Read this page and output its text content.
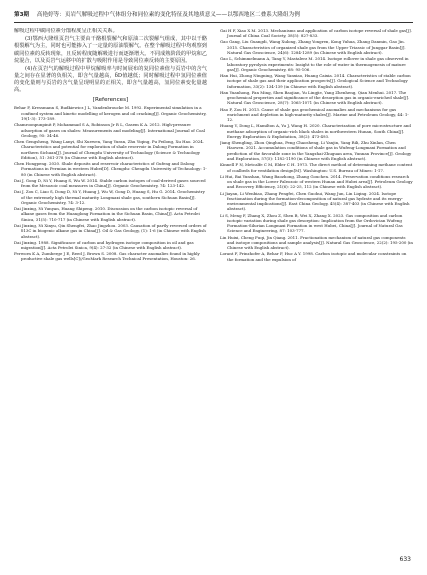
第3期 高艳婷等：页岩气解吸过程中气体组分和同位素的变化特征及其地质意义——以鄂西地区二叠系大隆组为例

解吸过程中碳同位素分馏程度呈正相关关系。

(3)鄂西大隆组页岩气主要由干酪根裂解气和原油二次裂解气组成，其中以干酪根裂解气为主，同时也可能掺入了一定量的原油裂解气。在整个解吸过程中均观察到碳同位素的反转现象，且反转程度随解吸进行而逐渐增大。不同成熟阶段的甲烷和乙烷混合，以及页岩气运移中的扩散与吸附作用是导致同位素反转的主要原因。

(4)在页岩气的解吸过程中甲烷解吸率与时间展布的复同位素值与页岩中的含气量之间存在显著的负相关，即含气量越高，δD值越低；同时解吸过程中氢同位素值的变化量则与页岩的含气量呈现明显的正相关，即含气量越高，氢同位素变化量越高。

[References]

Behar F, Kressmann S, Rudkiewicz J L, Vandenbroucke M. 1992. Experimental simulation in a confined system and kinetic modelling of kerogen and oil cracking[J]. Organic Geochemistry, 19(1-3): 173-189.

Chamroonpunpinit P, Mohammad S A, Robinson Jr R L, Gasem K A. 2012. High-pressure adsorption of gases on shales: Measurements and modeling[J]. International Journal of Coal Geology, 95: 34-46.

Chen Gengsheng, Wang Lanyi, Shi Xuewen, Yang Yuran, Zhu Yiqing, Pu Feilong, Xu Hao. 2024. Characteristics and potential for exploration of shale reservoir in Dalong Formation in northern Sichuan[J]. Journal of Chengdu University of Technology (Science & Technology Edition), 51: 361-378 (in Chinese with English abstract).

Chen Hongpeng. 2020. Shale deposits and reservoir characteristics of Gufeng and Dalong Formations in Permian in western Hubei[D]. Chengdu: Chengdu University of Technology: 1-80 (in Chinese with English abstract).

Dai J, Gong D, Ni Y, Huang S, Wu W. 2014. Stable carbon isotopes of coal-derived gases sourced from the Mesozoic coal measures in China[J]. Organic Geochemistry, 74: 123-142.

Dai J, Zou C, Liao S, Dong D, Ni Y, Huang J, Wu W, Gong D, Huang S, Hu G. 2014. Geochemistry of the extremely high thermal maturity Longmaxi shale gas, southern Sichuan Basin[J]. Organic Geochemistry, 74: 3-12.

Dai Jinxing, Ni Yunyan, Huang Shipeng. 2010. Discussion on the carbon isotopic reversal of alkane gases from the Huanglong Formation in the Sichuan Basin, China[J]. Acta Petrolei Sinica, 31(5): 710-717 (in Chinese with English abstract).

Dai Jinxing, Ni Xinyu, Qin Shengfei, Zhao Jingzhou. 2003. Causation of partly reversed orders of δ13C in biogenic alkane gas in China[J]. Oil & Gas Geology, (1): 1-6 (in Chinese with English abstract).

Dai Jinxing. 1988. Significance of carbon and hydrogen isotope composition in oil and gas migration[J]. Acta Petrolei Sinica, 9(4): 27-32 (in Chinese with English abstract).

Ferworn K A, Zumberge J E, Reed J, Brown S. 2008. Gas character anomalies found in highly productive shale gas wells[C]//GeoMark Research Technical Presentation, Houston: 26.

Gai H F, Xiao X M. 2013. Mechanisms and application of carbon isotope reversal of shale gas[J]. Journal of China Coal Society, 38(5): 827-833.

Gao Gang, Liu Guangdi, Wang Xulong, Zhang Yongren, Kong Yuhua, Zhang Danmin, Gao Jin. 2015. Characteristics of organized shale gas from the Upper Triassic of Junggar Basin[J]. Natural Gas Geoscience, 24(6): 1284-1289 (in Chinese with English abstract).

Gao L, Schimmelmann A, Tang Y, Mastalerz M. 2014. Isotope rollover in shale gas observed in laboratory pyrolysis experiments: Insight to the role of water in thermogenesis of mature gas[J]. Organic Geochemistry, 68: 95-106.

Han Hui, Zhong Ningning, Wang Yanxiao, Huang Caixia. 2014. Characteristics of stable carbon isotope of shale gas and their application prospects[J]. Geological Science and Technology Information, 33(2): 134-139 (in Chinese with English abstract).

Han Yuanhong, Fan Ming, Shen Baojian, Yu Lingjie, Yang Zhenheng, Qian Menhui. 2017. The geochemical properties and significance of the desorption gas in organic-enriched shale[J]. Natural Gas Geoscience, 28(7): 1065-1071 (in Chinese with English abstract).

Hao F, Zou H. 2013. Cause of shale gas geochemical anomalies and mechanisms for gas enrichment and depletion in high-maturity shales[J]. Marine and Petroleum Geology, 44: 1-12.

Huang Y, Dong L, Hamilton A, Yu J, Wang H. 2020. Characterization of pore microstructure and methane adsorption of organic-rich black shales in northwestern Hunan, South China[J]. Energy Exploration & Exploitation, 38(2): 473-493.

Jiang Shengling, Zhou Qinghua, Peng Chaosheng, Li Yanjin, Yang Rili, Zhu Xinlan, Chen Haowen. 2021. Accumulation conditions of shale gas in Wufeng-Longmaxi Formation and prediction of the favorable zone in the Yangzhai-Zhuguan area, Yunnan Province[J]. Geology and Exploration, 57(5): 1182-1190 (in Chinese with English abstract).

Kinnell F N, Metcalfe C M, Elder C H. 1973. The direct method of determining methane content of coalbeds for ventilation design[M]. Washington: U.S. Bureau of Mines: 1-17.

Li Hui, Bai Yunshan, Wang Baozhong, Zhang Gouchen. 2014. Preservation conditions research on shale gas in the Lower Paleozoic of western Hunan and Hubei area[J]. Petroleum Geology and Recovery Efficiency, 21(6): 22-25, 112 (in Chinese with English abstract).

Li Jiayan, Li Wenbiao, Zhang Pengfei, Chen Guohui, Wang Jun, Lin Liqing. 2024. Isotope fractionation during the formation-decomposition of natural gas hydrate and its energy-environmental implications[J]. East China Geology, 45(4): 387-403 (in Chinese with English abstract).

Li S, Meng F, Zhang X, Zhou Z, Shen B, Wei X, Zhang X. 2023. Gas composition and carbon isotopic variation during shale gas desorption: Implication from the Ordovician Wufeng Formation-Silurian Longmaxi Formation in west Hubei, China[J]. Journal of Natural Gas Science and Engineering, 87: 103-777.

Lin Huixi, Cheng Fuqi, Jin Qiang. 2011. Fractionation mechanism of natural gas components and isotope compositions and sample analysis[J]. Natural Gas Geoscience, 22(2): 195-200 (in Chinese with English abstract).

Lorant F, Prinzhofer A, Behar F, Huc A Y. 1998. Carbon isotopic and molecular constraints on the formation and the expulsion of

633
